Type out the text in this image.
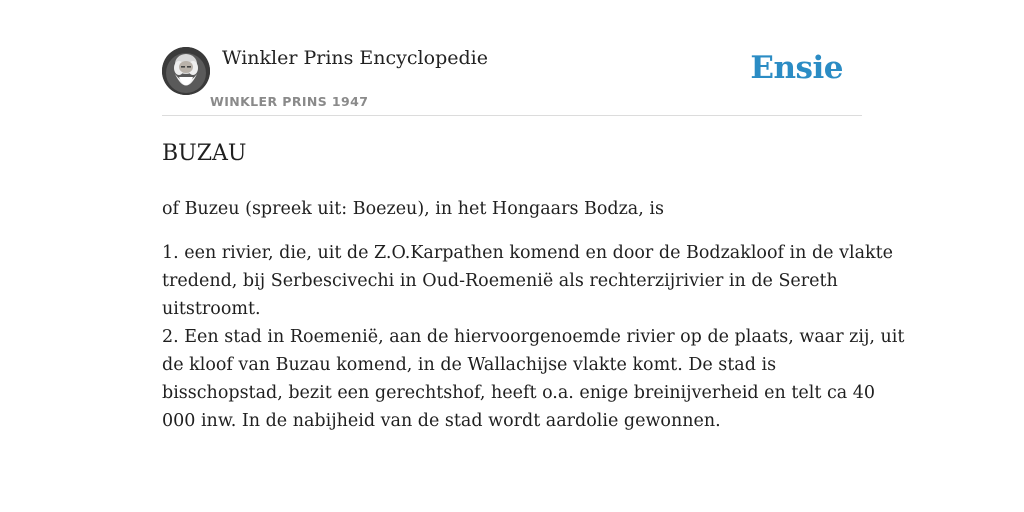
Winkler Prins Encyclopedie
WINKLER PRINS 1947
Ensie
BUZAU

of Buzeu (spreek uit: Boezeu), in het Hongaars Bodza, is

1. een rivier, die, uit de Z.O.Karpathen komend en door de Bodzakloof in de vlakte
tredend, bij Serbescivechi in Oud-Roemenië als rechterzijrivier in de Sereth
uitstroomt.
2. Een stad in Roemenië, aan de hiervoorgenoemde rivier op de plaats, waar zij, uit
de kloof van Buzau komend, in de Wallachijse vlakte komt. De stad is
bisschopstad, bezit een gerechtshof, heeft o.a. enige breinijverheid en telt ca 40
000 inw. In de nabijheid van de stad wordt aardolie gewonnen.
